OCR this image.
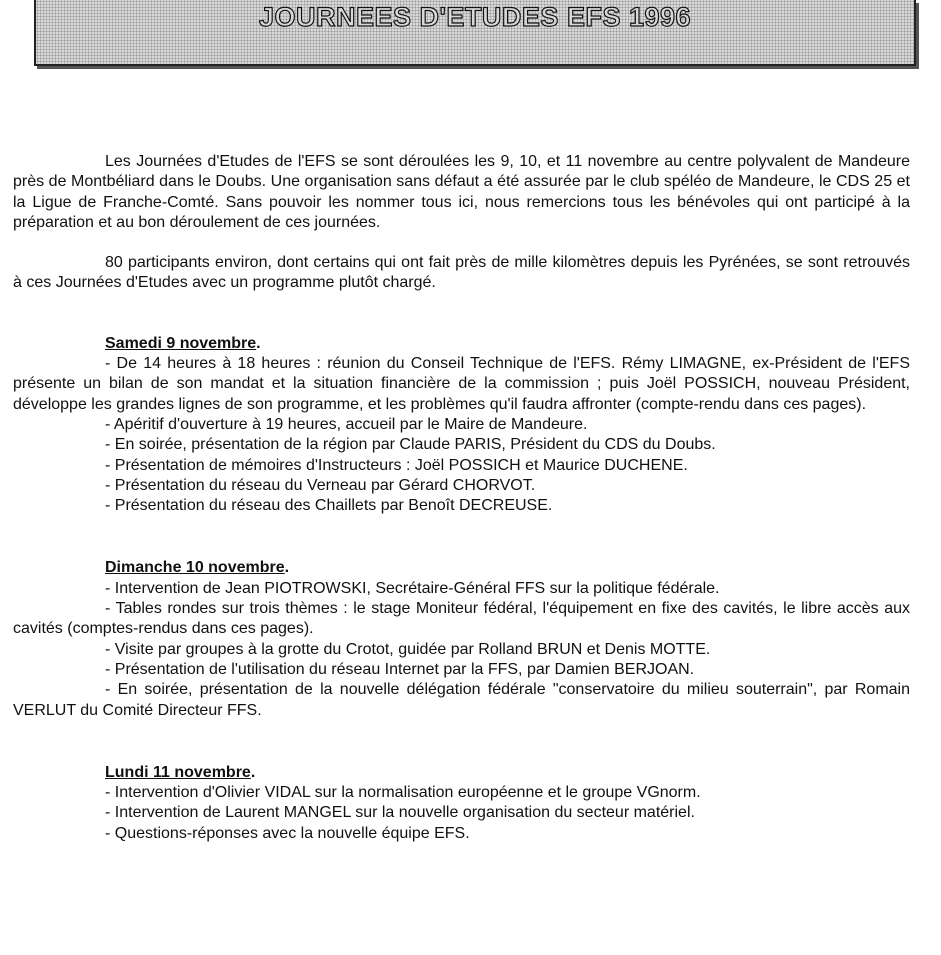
JOURNEES D'ETUDES EFS 1996

Les Journées d'Etudes de l'EFS se sont déroulées les 9, 10, et 11 novembre au centre polyvalent de Mandeure près de Montbéliard dans le Doubs. Une organisation sans défaut a été assurée par le club spéléo de Mandeure, le CDS 25 et la Ligue de Franche-Comté. Sans pouvoir les nommer tous ici, nous remercions tous les bénévoles qui ont participé à la préparation et au bon déroulement de ces journées.

80 participants environ, dont certains qui ont fait près de mille kilomètres depuis les Pyrénées, se sont retrouvés à ces Journées d'Etudes avec un programme plutôt chargé.

Samedi 9 novembre.

- De 14 heures à 18 heures : réunion du Conseil Technique de l'EFS. Rémy LIMAGNE, ex-Président de l'EFS présente un bilan de son mandat et la situation financière de la commission ; puis Joël POSSICH, nouveau Président, développe les grandes lignes de son programme, et les problèmes qu'il faudra affronter (compte-rendu dans ces pages).

- Apéritif d'ouverture à 19 heures, accueil par le Maire de Mandeure.

- En soirée, présentation de la région par Claude PARIS, Président du CDS du Doubs.

- Présentation de mémoires d'Instructeurs : Joël POSSICH et Maurice DUCHENE.

- Présentation du réseau du Verneau par Gérard CHORVOT.

- Présentation du réseau des Chaillets par Benoît DECREUSE.

Dimanche 10 novembre.

- Intervention de Jean PIOTROWSKI, Secrétaire-Général FFS sur la politique fédérale.

- Tables rondes sur trois thèmes : le stage Moniteur fédéral, l'équipement en fixe des cavités, le libre accès aux cavités (comptes-rendus dans ces pages).

- Visite par groupes à la grotte du Crotot, guidée par Rolland BRUN et Denis MOTTE.

- Présentation de l'utilisation du réseau Internet par la FFS, par Damien BERJOAN.

- En soirée, présentation de la nouvelle délégation fédérale "conservatoire du milieu souterrain", par Romain VERLUT du Comité Directeur FFS.

Lundi 11 novembre.

- Intervention d'Olivier VIDAL sur la normalisation européenne et le groupe VGnorm.

- Intervention de Laurent MANGEL sur la nouvelle organisation du secteur matériel.

- Questions-réponses avec la nouvelle équipe EFS.
